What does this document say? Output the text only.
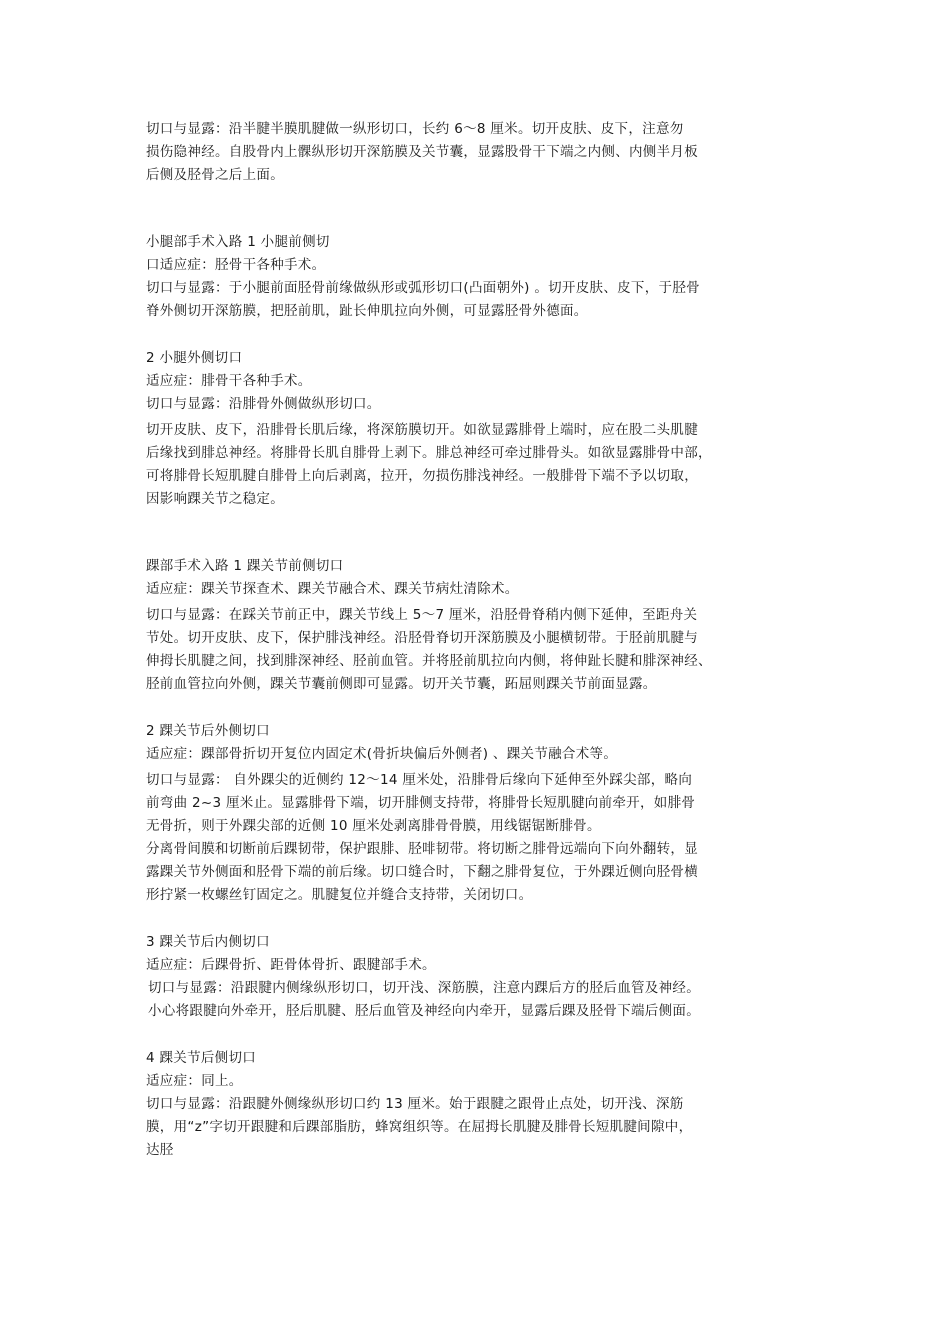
切口与显露：沿半腱半膜肌腱做一纵形切口，长约 6～8 厘米。切开皮肤、皮下，注意勿
损伤隐神经。自股骨内上髁纵形切开深筋膜及关节囊，显露股骨干下端之内侧、内侧半月板
后侧及胫骨之后上面。
小腿部手术入路 1 小腿前侧切
口适应症：胫骨干各种手术。
切口与显露：于小腿前面胫骨前缘做纵形或弧形切口(凸面朝外) 。切开皮肤、皮下，于胫骨
脊外侧切开深筋膜，把胫前肌，趾长伸肌拉向外侧，可显露胫骨外德面。
2 小腿外侧切口
适应症：腓骨干各种手术。
切口与显露：沿腓骨外侧做纵形切口。
切开皮肤、皮下，沿腓骨长肌后缘，将深筋膜切开。如欲显露腓骨上端时，应在股二头肌腱
后缘找到腓总神经。将腓骨长肌自腓骨上剥下。腓总神经可牵过腓骨头。如欲显露腓骨中部，
可将腓骨长短肌腱自腓骨上向后剥离，拉开，勿损伤腓浅神经。一般腓骨下端不予以切取，
因影响踝关节之稳定。
踝部手术入路 1 踝关节前侧切口
适应症：踝关节探查术、踝关节融合术、踝关节病灶清除术。
切口与显露：在踩关节前正中，踝关节线上 5～7 厘米，沿胫骨脊稍内侧下延伸，至距舟关
节处。切开皮肤、皮下，保护腓浅神经。沿胫骨脊切开深筋膜及小腿横韧带。于胫前肌腱与
伸拇长肌腱之间，找到腓深神经、胫前血管。并将胫前肌拉向内侧，将伸趾长腱和腓深神经、
胫前血管拉向外侧，踝关节囊前侧即可显露。切开关节囊，跖屈则踝关节前面显露。
2 踝关节后外侧切口
适应症：踝部骨折切开复位内固定术(骨折块偏后外侧者) 、踝关节融合术等。
切口与显露： 自外踝尖的近侧约 12～14 厘米处，沿腓骨后缘向下延伸至外踩尖部，略向
前弯曲 2~3 厘米止。显露腓骨下端，切开腓侧支持带，将腓骨长短肌腱向前牵开，如腓骨
无骨折，则于外踝尖部的近侧 10 厘米处剥离腓骨骨膜，用线锯锯断腓骨。
分离骨间膜和切断前后踝韧带，保护跟腓、胫啡韧带。将切断之腓骨远端向下向外翻转，显
露踝关节外侧面和胫骨下端的前后缘。切口缝合时，下翻之腓骨复位，于外踝近侧向胫骨横
形拧紧一枚螺丝钉固定之。肌腱复位并缝合支持带，关闭切口。
3 踝关节后内侧切口
适应症：后踝骨折、距骨体骨折、跟腱部手术。
切口与显露：沿跟腱内侧缘纵形切口，切开浅、深筋膜，注意内踝后方的胫后血管及神经。
小心将跟腱向外牵开，胫后肌腱、胫后血管及神经向内牵开，显露后踝及胫骨下端后侧面。
4 踝关节后侧切口
适应症：同上。
切口与显露：沿跟腱外侧缘纵形切口约 13 厘米。始于跟腱之跟骨止点处，切开浅、深筋
膜，用“z”字切开跟腱和后踝部脂肪，蜂窝组织等。在屈拇长肌腱及腓骨长短肌腱间隙中，
达胫
